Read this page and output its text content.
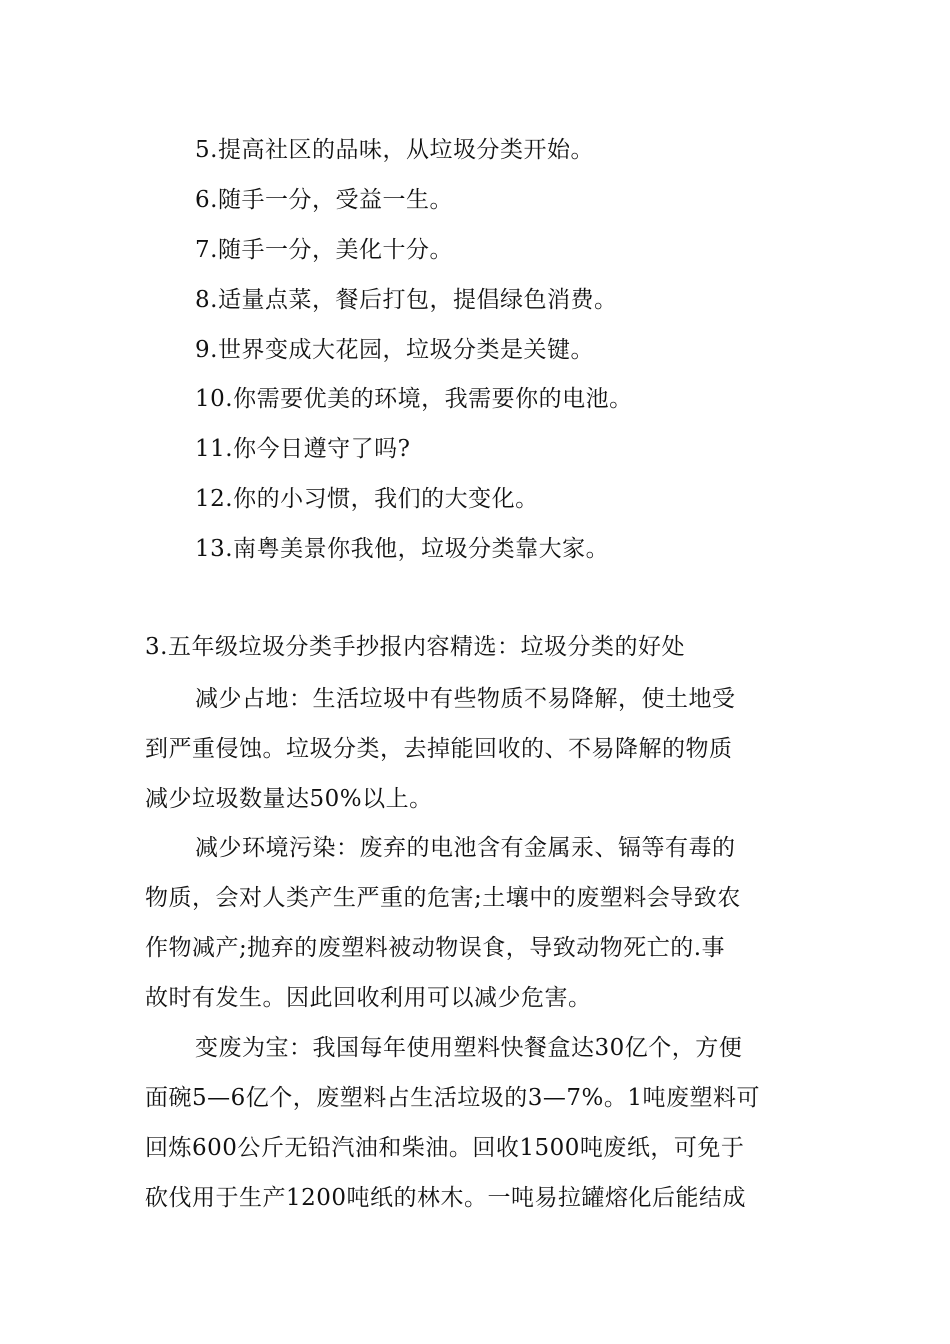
5.提高社区的品味，从垃圾分类开始。
6.随手一分，受益一生。
7.随手一分，美化十分。
8.适量点菜，餐后打包，提倡绿色消费。
9.世界变成大花园，垃圾分类是关键。
10.你需要优美的环境，我需要你的电池。
11.你今日遵守了吗?
12.你的小习惯，我们的大变化。
13.南粤美景你我他，垃圾分类靠大家。
3.五年级垃圾分类手抄报内容精选：垃圾分类的好处
减少占地：生活垃圾中有些物质不易降解，使土地受
到严重侵蚀。垃圾分类，去掉能回收的、不易降解的物质
减少垃圾数量达50%以上。
减少环境污染：废弃的电池含有金属汞、镉等有毒的
物质，会对人类产生严重的危害;土壤中的废塑料会导致农
作物减产;抛弃的废塑料被动物误食，导致动物死亡的.事
故时有发生。因此回收利用可以减少危害。
变废为宝：我国每年使用塑料快餐盒达30亿个，方便
面碗5—6亿个，废塑料占生活垃圾的3—7%。1吨废塑料可
回炼600公斤无铅汽油和柴油。回收1500吨废纸，可免于
砍伐用于生产1200吨纸的林木。一吨易拉罐熔化后能结成
